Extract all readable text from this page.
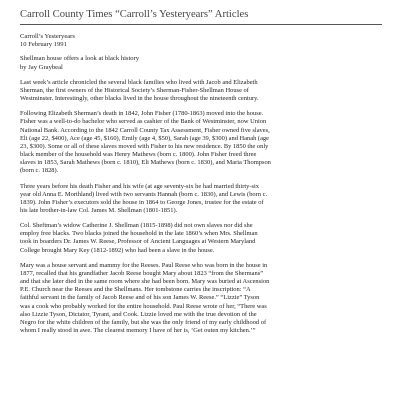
Carroll County Times “Carroll’s Yesterye​ars” Articles
Carroll’s Yesteryears
10 February 1991
Shellman house offers a look at black history
by Jay Graybeal

Last week’s article chronicled the several black families who lived with Jacob and Elizabeth
Sherman, the first owners of the Historical Society’s Sherman-Fisher-Shellman House of
Westminster. Interestingly, other blacks lived in the house throughout the nineteenth century.

Following Elizabeth Sherman’s death in 1842, John Fisher (1780-1863) moved into the house.
Fisher was a well-to-do bachelor who served as cashier of the Bank of Westminster, now Union
National Bank. According to the 1842 Carroll County Tax Assessment, Fisher owned five slaves,
Eli (age 22, $400), Ace (age 45, $160), Emily (age 4, $50), Sarah (age 39, $300) and Hanah (age
23, $300). Some or all of these slaves moved with Fisher to his new residence. By 1850 the only
black member of the household was Henry Mathews (born c. 1800). John Fisher freed three
slaves in 1853, Sarah Mathews (born c. 1810), Eli Mathews (born c. 1830), and Maria Thompson
(born c. 1828).

Three years before his death Fisher and his wife (at age seventy-six he had married thirty-six
year old Anna E. Morthland) lived with two servants Hannah (born c. 1830), and Lewis (born c.
1839). John Fisher’s executors sold the house in 1864 to George Jones, trustee for the estate of
his late brother-in-law Col. James M. Shellman (1801-1851).

Col. Sheftman’s widow Catherine J. Shellman (1815-1898) did not own slaves nor did she
employ free blacks. Two blacks joined the household in the late 1860’s when Mrs. Shellman
took in boarders Dr. James W. Reese, Professor of Ancient Languages at Western Maryland
College brought Mary Key (1812-1892) who had been a slave in the house.

Mary was a house servant and mammy for the Reeses. Paul Reese who was born in the house in
1877, recalled that his grandfather Jacob Reese bought Mary about 1823 “from the Shermans”
and that she later died in the same room where she had been born. Mary was buried at Ascension
P.E. Church near the Reeses and the Shellmans. Her tombstone carries the inscription: “A
faithful servant in the family of Jacob Reese and of his son James W. Reese.” “Lizzie” Tyson
was a cook who probably worked for the entire household. Paul Reese wrote of her, “There was
also Lizzie Tyson, Dictator, Tyrant, and Cook. Lizzie loved me with the true devotion of the
Negro for the white children of the family, but she was the only friend of my early childhood of
whom I really stood in awe. The clearest memory I have of her is, ‘Get outen my kitchen.’”
